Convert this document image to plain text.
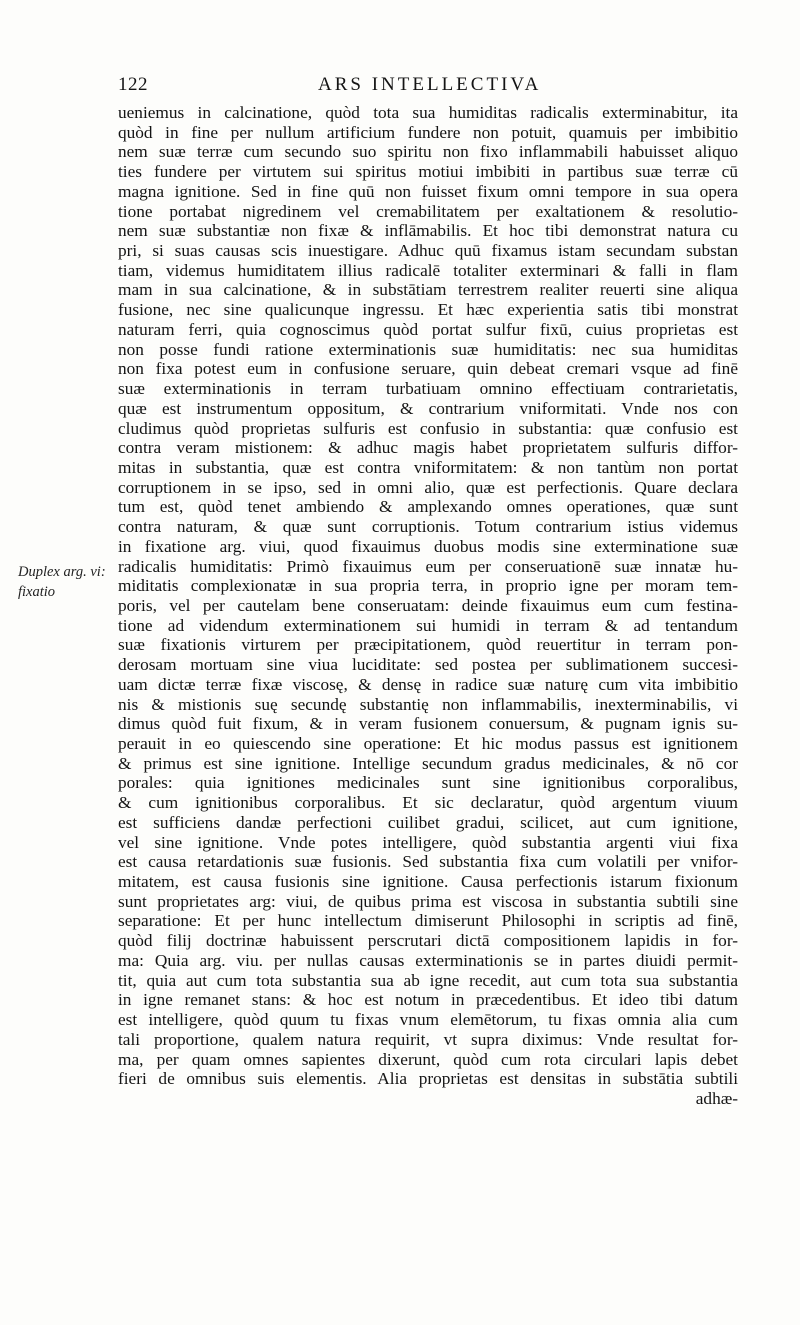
122	ARS INTELLECTIVA
Duplex arg. vi:
fixatio
ueniemus in calcinatione, quòd tota sua humiditas radicalis exterminabitur, ita
quòd in fine per nullum artificium fundere non potuit, quamuis per imbibitio
nem suæ terræ cum secundo suo spiritu non fixo inflammabili habuisset aliquo
ties fundere per virtutem sui spiritus motiui imbibiti in partibus suæ terræ cū
magna ignitione. Sed in fine quū non fuisset fixum omni tempore in sua opera
tione portabat nigredinem vel cremabilitatem per exaltationem & resolutio-
nem suæ substantiæ non fixæ & inflāmabilis. Et hoc tibi demonstrat natura cu
pri, si suas causas scis inuestigare. Adhuc quū fixamus istam secundam substan
tiam, videmus humiditatem illius radicalē totaliter exterminari & falli in flam
mam in sua calcinatione, & in substātiam terrestrem realiter reuerti sine aliqua
fusione, nec sine qualicunque ingressu. Et hæc experientia satis tibi monstrat
naturam ferri, quia cognoscimus quòd portat sulfur fixū, cuius proprietas est
non posse fundi ratione exterminationis suæ humiditatis: nec sua humiditas
non fixa potest eum in confusione seruare, quin debeat cremari vsque ad finē
suæ exterminationis in terram turbatiuam omnino effectiuam contrarietatis,
quæ est instrumentum oppositum, & contrarium vniformitati. Vnde nos con
cludimus quòd proprietas sulfuris est confusio in substantia: quæ confusio est
contra veram mistionem: & adhuc magis habet proprietatem sulfuris diffor-
mitas in substantia, quæ est contra vniformitatem: & non tantùm non portat
corruptionem in se ipso, sed in omni alio, quæ est perfectionis. Quare declara
tum est, quòd tenet ambiendo & amplexando omnes operationes, quæ sunt
contra naturam, & quæ sunt corruptionis. Totum contrarium istius videmus
in fixatione arg. viui, quod fixauimus duobus modis sine exterminatione suæ
radicalis humiditatis: Primò fixauimus eum per conseruationē suæ innatæ hu-
miditatis complexionatæ in sua propria terra, in proprio igne per moram tem-
poris, vel per cautelam bene conseruatam: deinde fixauimus eum cum festina-
tione ad videndum exterminationem sui humidi in terram & ad tentandum
suæ fixationis virturem per præcipitationem, quòd reuertitur in terram pon-
derosam mortuam sine viua luciditate: sed postea per sublimationem succesi-
uam dictæ terræ fixæ viscosę, & densę in radice suæ naturę cum vita imbibitio
nis & mistionis suę secundę substantię non inflammabilis, inexterminabilis, vi
dimus quòd fuit fixum, & in veram fusionem conuersum, & pugnam ignis su-
perauit in eo quiescendo sine operatione: Et hic modus passus est ignitionem
& primus est sine ignitione. Intellige secundum gradus medicinales, & nō cor
porales: quia ignitiones medicinales sunt sine ignitionibus corporalibus,
& cum ignitionibus corporalibus. Et sic declaratur, quòd argentum viuum
est sufficiens dandæ perfectioni cuilibet gradui, scilicet, aut cum ignitione,
vel sine ignitione. Vnde potes intelligere, quòd substantia argenti viui fixa
est causa retardationis suæ fusionis. Sed substantia fixa cum volatili per vnifor-
mitatem, est causa fusionis sine ignitione. Causa perfectionis istarum fixionum
sunt proprietates arg: viui, de quibus prima est viscosa in substantia subtili sine
separatione: Et per hunc intellectum dimiserunt Philosophi in scriptis ad finē,
quòd filij doctrinæ habuissent perscrutari dictā compositionem lapidis in for-
ma: Quia arg. viu. per nullas causas exterminationis se in partes diuidi permit-
tit, quia aut cum tota substantia sua ab igne recedit, aut cum tota sua substantia
in igne remanet stans: & hoc est notum in præcedentibus. Et ideo tibi datum
est intelligere, quòd quum tu fixas vnum elemētorum, tu fixas omnia alia cum
tali proportione, qualem natura requirit, vt supra diximus: Vnde resultat for-
ma, per quam omnes sapientes dixerunt, quòd cum rota circulari lapis debet
fieri de omnibus suis elementis. Alia proprietas est densitas in substātia subtili
adhæ-
